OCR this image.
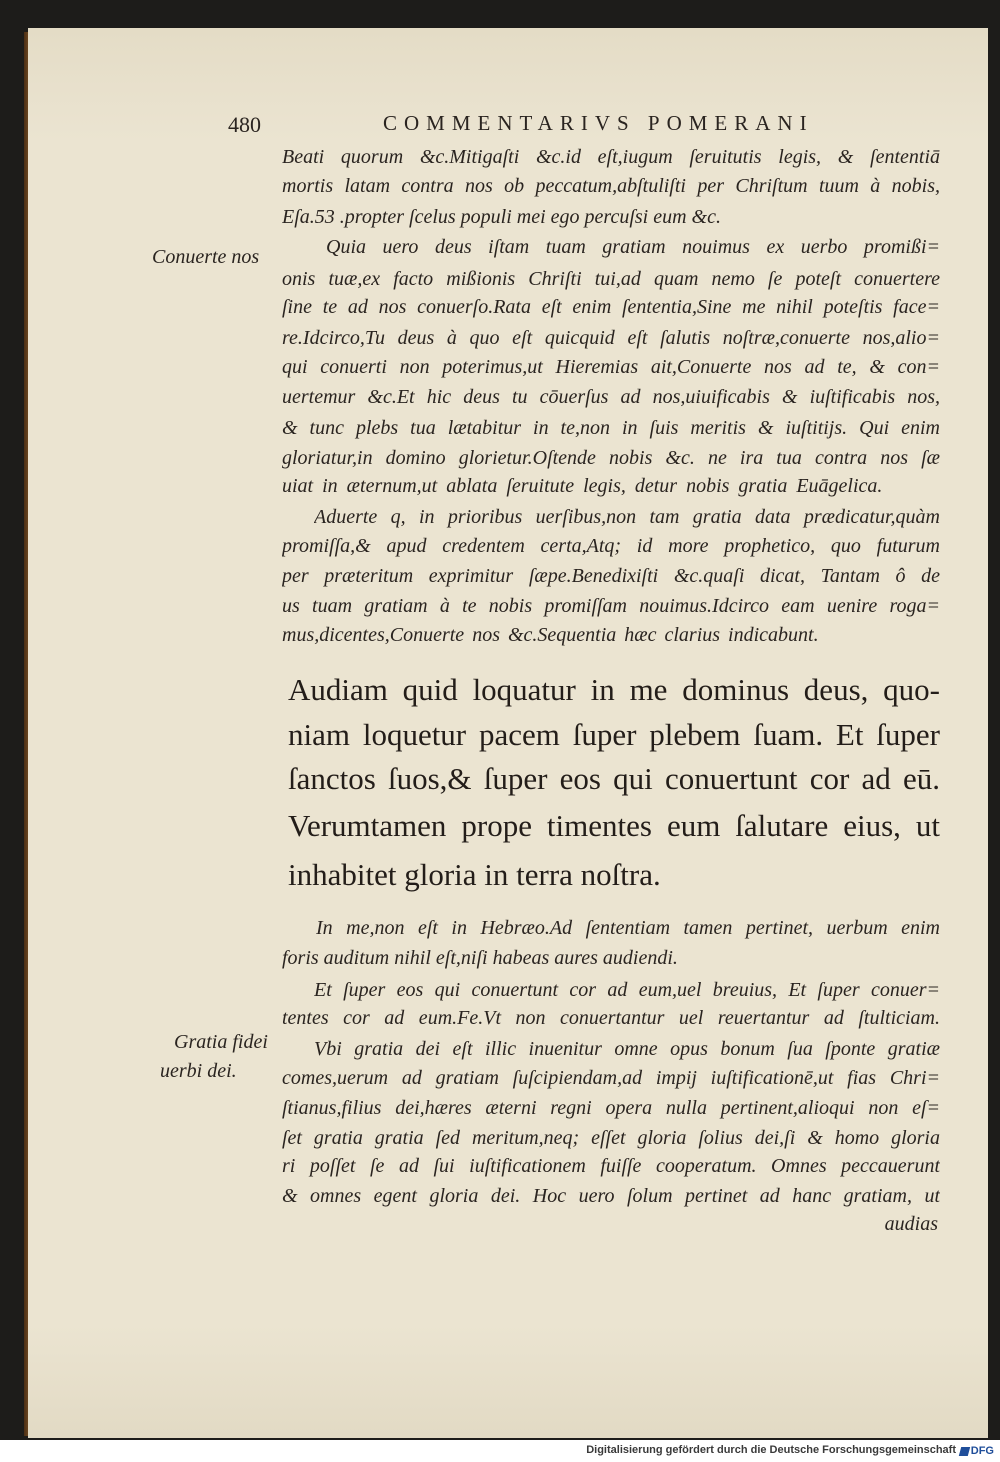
480	COMMENTARIVS POMERANI
Conuerte nos
Gratia fidei
uerbi dei.
Beati quorum &c.Mitigaſti &c.id eſt,iugum ſeruitutis legis, & ſententiā
mortis latam contra nos ob peccatum,abſtuliſti per Chriſtum tuum à nobis,
Eſa.53 .propter ſcelus populi mei ego percuſsi eum &c.
Quia uero deus iſtam tuam gratiam nouimus ex uerbo promißi=
onis tuæ,ex facto mißionis Chriſti tui,ad quam nemo ſe poteſt conuertere
ſine te ad nos conuerſo.Rata eſt enim ſententia,Sine me nihil poteſtis face=
re.Idcirco,Tu deus à quo eſt quicquid eſt ſalutis noſtræ,conuerte nos,alio=
qui conuerti non poterimus,ut Hieremias ait,Conuerte nos ad te, & con=
uertemur &c.Et hic deus tu cōuerſus ad nos,uiuificabis & iuſtificabis nos,
& tunc plebs tua lætabitur in te,non in ſuis meritis & iuſtitijs. Qui enim
gloriatur,in domino glorietur.Oſtende nobis &c. ne ira tua contra nos ſæ
uiat in æternum,ut ablata ſeruitute legis, detur nobis gratia Euāgelica.
Aduerte q, in prioribus uerſibus,non tam gratia data prædicatur,quàm
promiſſa,& apud credentem certa,Atq; id more prophetico, quo futurum
per præteritum exprimitur ſæpe.Benedixiſti &c.quaſi dicat, Tantam ô de
us tuam gratiam à te nobis promiſſam nouimus.Idcirco eam uenire roga=
mus,dicentes,Conuerte nos &c.Sequentia hæc clarius indicabunt.
Audiam quid loquatur in me dominus deus, quo-
niam loquetur pacem ſuper plebem ſuam. Et ſuper
ſanctos ſuos,& ſuper eos qui conuertunt cor ad eū.
Verumtamen prope timentes eum ſalutare eius, ut
inhabitet gloria in terra noſtra.
In me,non eſt in Hebræo.Ad ſententiam tamen pertinet, uerbum enim
foris auditum nihil eſt,niſi habeas aures audiendi.
Et ſuper eos qui conuertunt cor ad eum,uel breuius, Et ſuper conuer=
tentes cor ad eum.Fe.Vt non conuertantur uel reuertantur ad ſtulticiam.
Vbi gratia dei eſt illic inuenitur omne opus bonum ſua ſponte gratiæ
comes,uerum ad gratiam ſuſcipiendam,ad impij iuſtificationē,ut fias Chri=
ſtianus,filius dei,hæres æterni regni opera nulla pertinent,alioqui non eſ=
ſet gratia gratia ſed meritum,neq; eſſet gloria ſolius dei,ſi & homo gloria
ri poſſet ſe ad ſui iuſtificationem fuiſſe cooperatum. Omnes peccauerunt
& omnes egent gloria dei. Hoc uero ſolum pertinet ad hanc gratiam, ut
audias
Digitalisierung gefördert durch die Deutsche Forschungsgemeinschaft DFG
